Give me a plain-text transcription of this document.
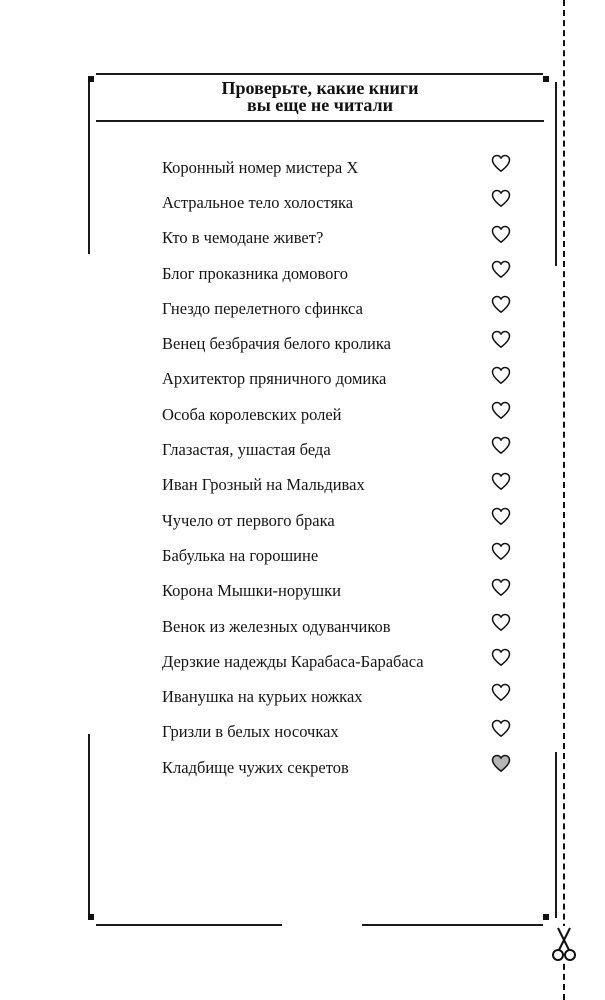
Проверьте, какие книги
вы еще не читали
Коронный номер мистера Х
Астральное тело холостяка
Кто в чемодане живет?
Блог проказника домового
Гнездо перелетного сфинкса
Венец безбрачия белого кролика
Архитектор пряничного домика
Особа королевских ролей
Глазастая, ушастая беда
Иван Грозный на Мальдивах
Чучело от первого брака
Бабулька на горошине
Корона Мышки-норушки
Венок из железных одуванчиков
Дерзкие надежды Карабаса-Барабаса
Иванушка на курьих ножках
Гризли в белых носочках
Кладбище чужих секретов
